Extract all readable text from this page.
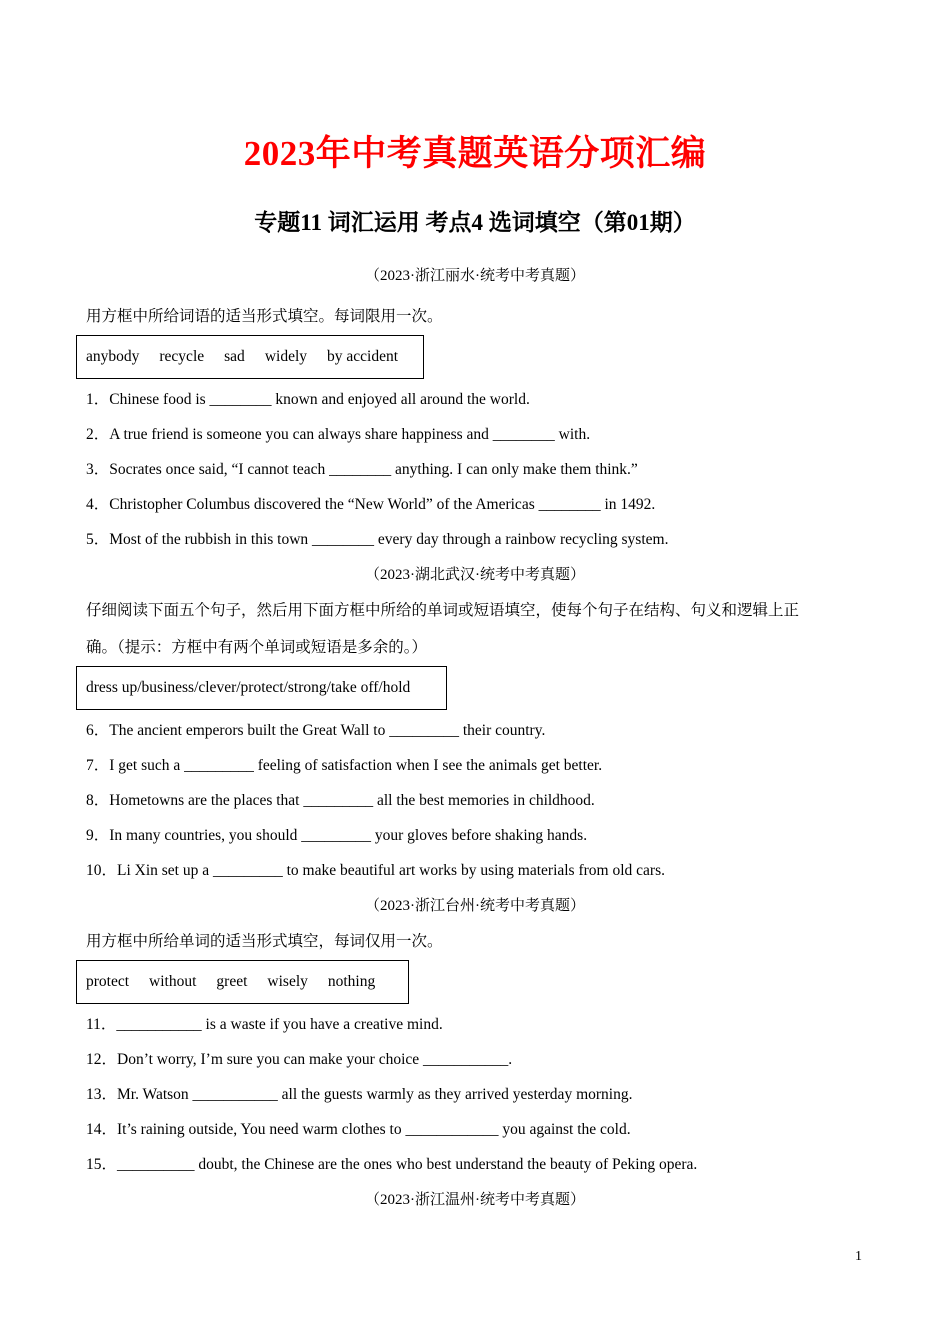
2023年中考真题英语分项汇编
专题11 词汇运用 考点4 选词填空（第01期）
（2023·浙江丽水·统考中考真题）
用方框中所给词语的适当形式填空。每词限用一次。
anybody recycle sad widely by accident
1．Chinese food is ________ known and enjoyed all around the world.
2．A true friend is someone you can always share happiness and ________ with.
3．Socrates once said, “I cannot teach ________ anything. I can only make them think.”
4．Christopher Columbus discovered the “New World” of the Americas ________ in 1492.
5．Most of the rubbish in this town ________ every day through a rainbow recycling system.
（2023·湖北武汉·统考中考真题）
仔细阅读下面五个句子，然后用下面方框中所给的单词或短语填空，使每个句子在结构、句义和逻辑上正
确。（提示：方框中有两个单词或短语是多余的。）
dress up/business/clever/protect/strong/take off/hold
6．The ancient emperors built the Great Wall to _________ their country.
7．I get such a _________ feeling of satisfaction when I see the animals get better.
8．Hometowns are the places that _________ all the best memories in childhood.
9．In many countries, you should _________ your gloves before shaking hands.
10．Li Xin set up a _________ to make beautiful art works by using materials from old cars.
（2023·浙江台州·统考中考真题）
用方框中所给单词的适当形式填空，每词仅用一次。
protect without greet wisely nothing
11．___________ is a waste if you have a creative mind.
12．Don’t worry, I’m sure you can make your choice ___________.
13．Mr. Watson ___________ all the guests warmly as they arrived yesterday morning.
14．It’s raining outside, You need warm clothes to ____________ you against the cold.
15．__________ doubt, the Chinese are the ones who best understand the beauty of Peking opera.
（2023·浙江温州·统考中考真题）
1
